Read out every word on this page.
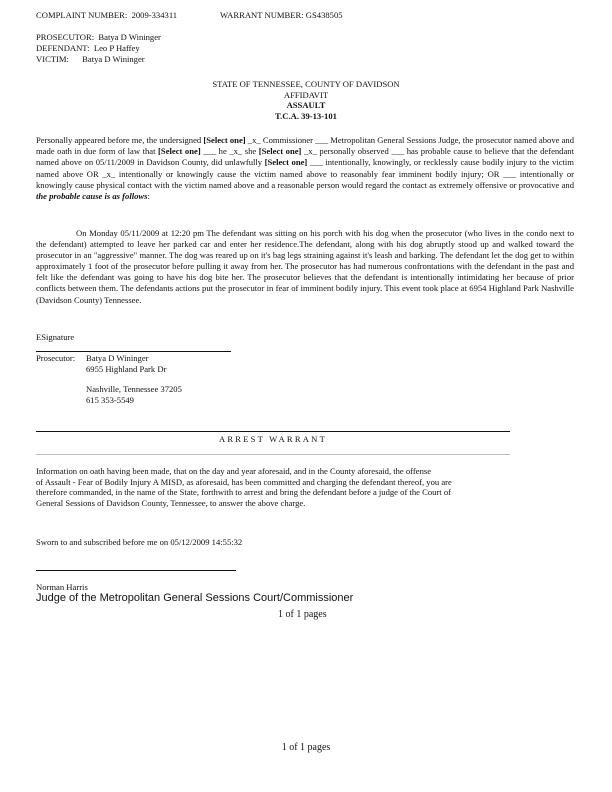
COMPLAINT NUMBER: 2009-334311	WARRANT NUMBER: GS438505
PROSECUTOR: Batya D Wininger
DEFENDANT: Leo P Haffey
VICTIM: Batya D Wininger
STATE OF TENNESSEE, COUNTY OF DAVIDSON
AFFIDAVIT
ASSAULT
T.C.A. 39-13-101
Personally appeared before me, the undersigned [Select one] _x_ Commissioner ___ Metropolitan General Sessions Judge, the prosecutor named above and made oath in due form of law that [Select one] ___ he _x_ she [Select one] _x_ personally observed ___ has probable cause to believe that the defendant named above on 05/11/2009 in Davidson County, did unlawfully [Select one] ___ intentionally, knowingly, or recklessly cause bodily injury to the victim named above OR _x_ intentionally or knowingly cause the victim named above to reasonably fear imminent bodily injury; OR ___ intentionally or knowingly cause physical contact with the victim named above and a reasonable person would regard the contact as extremely offensive or provocative and the probable cause is as follows:
On Monday 05/11/2009 at 12:20 pm The defendant was sitting on his porch with his dog when the prosecutor (who lives in the condo next to the defendant) attempted to leave her parked car and enter her residence.The defendant, along with his dog abruptly stood up and walked toward the prosecutor in an "aggressive" manner. The dog was reared up on it's bag legs straining against it's leash and barking. The defendant let the dog get to within approximately 1 foot of the prosecutor before pulling it away from her. The prosecutor has had numerous confrontations with the defendant in the past and felt like the defendant was going to have his dog bite her. The prosecutor believes that the defendant is intentionally intimidating her because of prior conflicts between them. The defendants actions put the prosecutor in fear of imminent bodily injury. This event took place at 6954 Highland Park Nashville (Davidson County) Tennessee.
ESignature
Prosecutor: Batya D Wininger
6955 Highland Park Dr
Nashville, Tennessee 37205
615 353-5549
ARREST WARRANT
Information on oath having been made, that on the day and year aforesaid, and in the County aforesaid, the offense
of Assault - Fear of Bodily Injury A MISD, as aforesaid, has been committed and charging the defendant thereof, you are
therefore commanded, in the name of the State, forthwith to arrest and bring the defendant before a judge of the Court of
General Sessions of Davidson County, Tennessee, to answer the above charge.
Sworn to and subscribed before me on 05/12/2009 14:55:32
Norman Harris
Judge of the Metropolitan General Sessions Court/Commissioner
1 of 1 pages
1 of 1 pages
